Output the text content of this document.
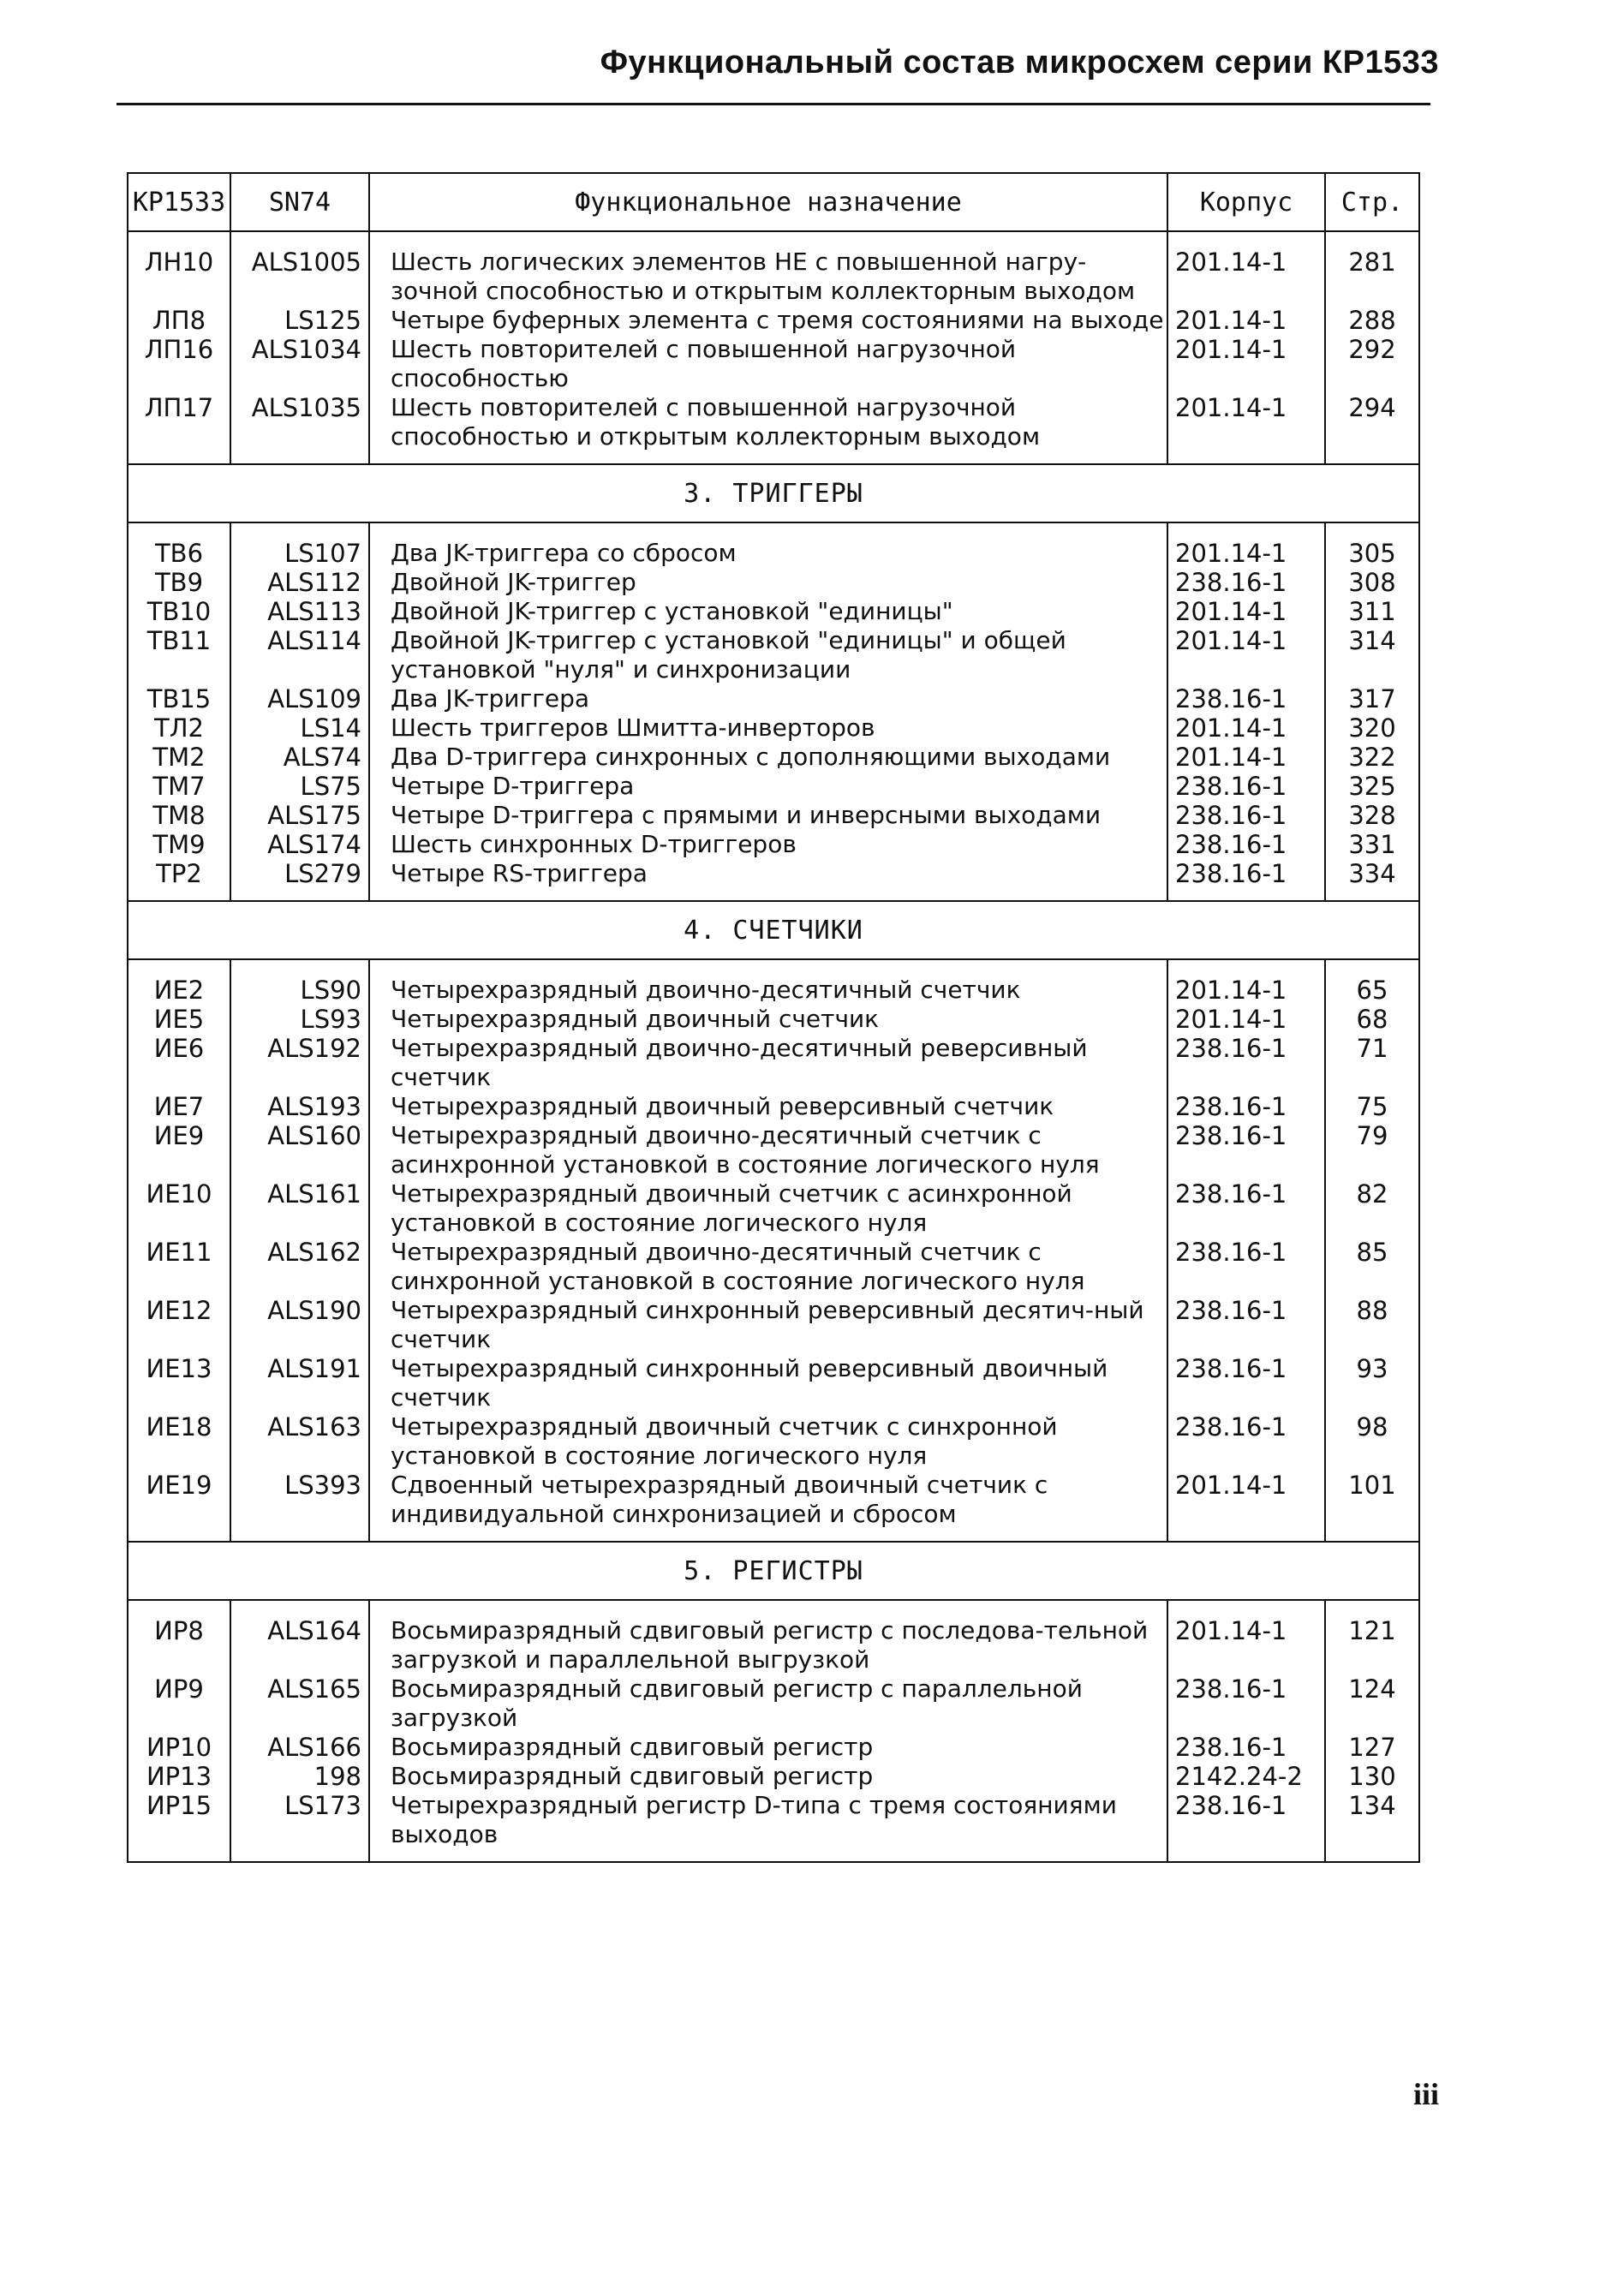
Функциональный состав микросхем серии КР1533
КР1533	SN74	Функциональное назначение	Корпус	Стр.
ЛН10	ALS1005	Шесть логических элементов НЕ с повышенной нагру-зочной способностью и открытым коллекторным выходом	201.14-1	281
ЛП8	LS125	Четыре буферных элемента с тремя состояниями на выходе	201.14-1	288
ЛП16	ALS1034	Шесть повторителей с повышенной нагрузочной способностью	201.14-1	292
ЛП17	ALS1035	Шесть повторителей с повышенной нагрузочной способностью и открытым коллекторным выходом	201.14-1	294
3. ТРИГГЕРЫ				
ТВ6	LS107	Два JK-триггера со сбросом	201.14-1	305
ТВ9	ALS112	Двойной JK-триггер	238.16-1	308
ТВ10	ALS113	Двойной JK-триггер с установкой "единицы"	201.14-1	311
ТВ11	ALS114	Двойной JK-триггер с установкой "единицы" и общей установкой "нуля" и синхронизации	201.14-1	314
ТВ15	ALS109	Два JK-триггера	238.16-1	317
ТЛ2	LS14	Шесть триггеров Шмитта-инверторов	201.14-1	320
ТМ2	ALS74	Два D-триггера синхронных с дополняющими выходами	201.14-1	322
ТМ7	LS75	Четыре D-триггера	238.16-1	325
ТМ8	ALS175	Четыре D-триггера с прямыми и инверсными выходами	238.16-1	328
ТМ9	ALS174	Шесть синхронных D-триггеров	238.16-1	331
ТР2	LS279	Четыре RS-триггера	238.16-1	334
4. СЧЕТЧИКИ				
ИЕ2	LS90	Четырехразрядный двоично-десятичный счетчик	201.14-1	65
ИЕ5	LS93	Четырехразрядный двоичный счетчик	201.14-1	68
ИЕ6	ALS192	Четырехразрядный двоично-десятичный реверсивный счетчик	238.16-1	71
ИЕ7	ALS193	Четырехразрядный двоичный реверсивный счетчик	238.16-1	75
ИЕ9	ALS160	Четырехразрядный двоично-десятичный счетчик с асинхронной установкой в состояние логического нуля	238.16-1	79
ИЕ10	ALS161	Четырехразрядный двоичный счетчик с асинхронной установкой в состояние логического нуля	238.16-1	82
ИЕ11	ALS162	Четырехразрядный двоично-десятичный счетчик с синхронной установкой в состояние логического нуля	238.16-1	85
ИЕ12	ALS190	Четырехразрядный синхронный реверсивный десятич-ный счетчик	238.16-1	88
ИЕ13	ALS191	Четырехразрядный синхронный реверсивный двоичный счетчик	238.16-1	93
ИЕ18	ALS163	Четырехразрядный двоичный счетчик с синхронной установкой в состояние логического нуля	238.16-1	98
ИЕ19	LS393	Сдвоенный четырехразрядный двоичный счетчик с индивидуальной синхронизацией и сбросом	201.14-1	101
5. РЕГИСТРЫ				
ИР8	ALS164	Восьмиразрядный сдвиговый регистр с последова-тельной загрузкой и параллельной выгрузкой	201.14-1	121
ИР9	ALS165	Восьмиразрядный сдвиговый регистр с параллельной загрузкой	238.16-1	124
ИР10	ALS166	Восьмиразрядный сдвиговый регистр	238.16-1	127
ИР13	198	Восьмиразрядный сдвиговый регистр	2142.24-2	130
ИР15	LS173	Четырехразрядный регистр D-типа с тремя состояниями выходов	238.16-1	134
iii
